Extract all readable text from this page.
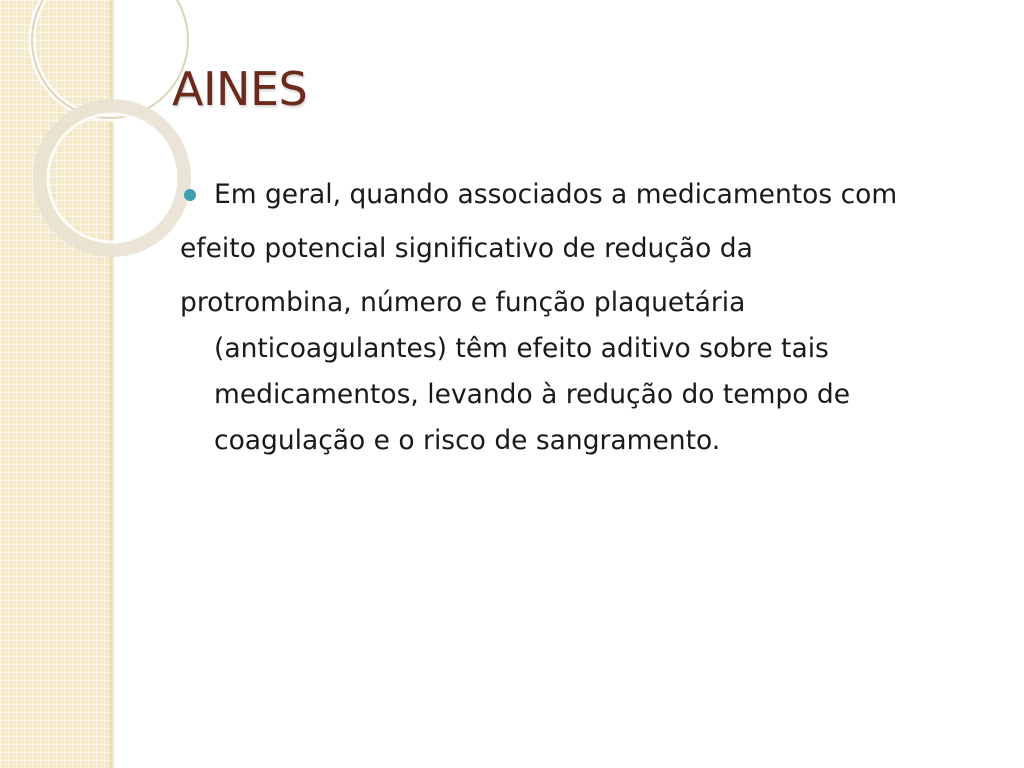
AINES

Em geral, quando associados a medicamentos com

efeito potencial significativo de redução da

protrombina, número e função plaquetária (anticoagulantes) têm efeito aditivo sobre tais medicamentos, levando à redução do tempo de coagulação e o risco de sangramento.
